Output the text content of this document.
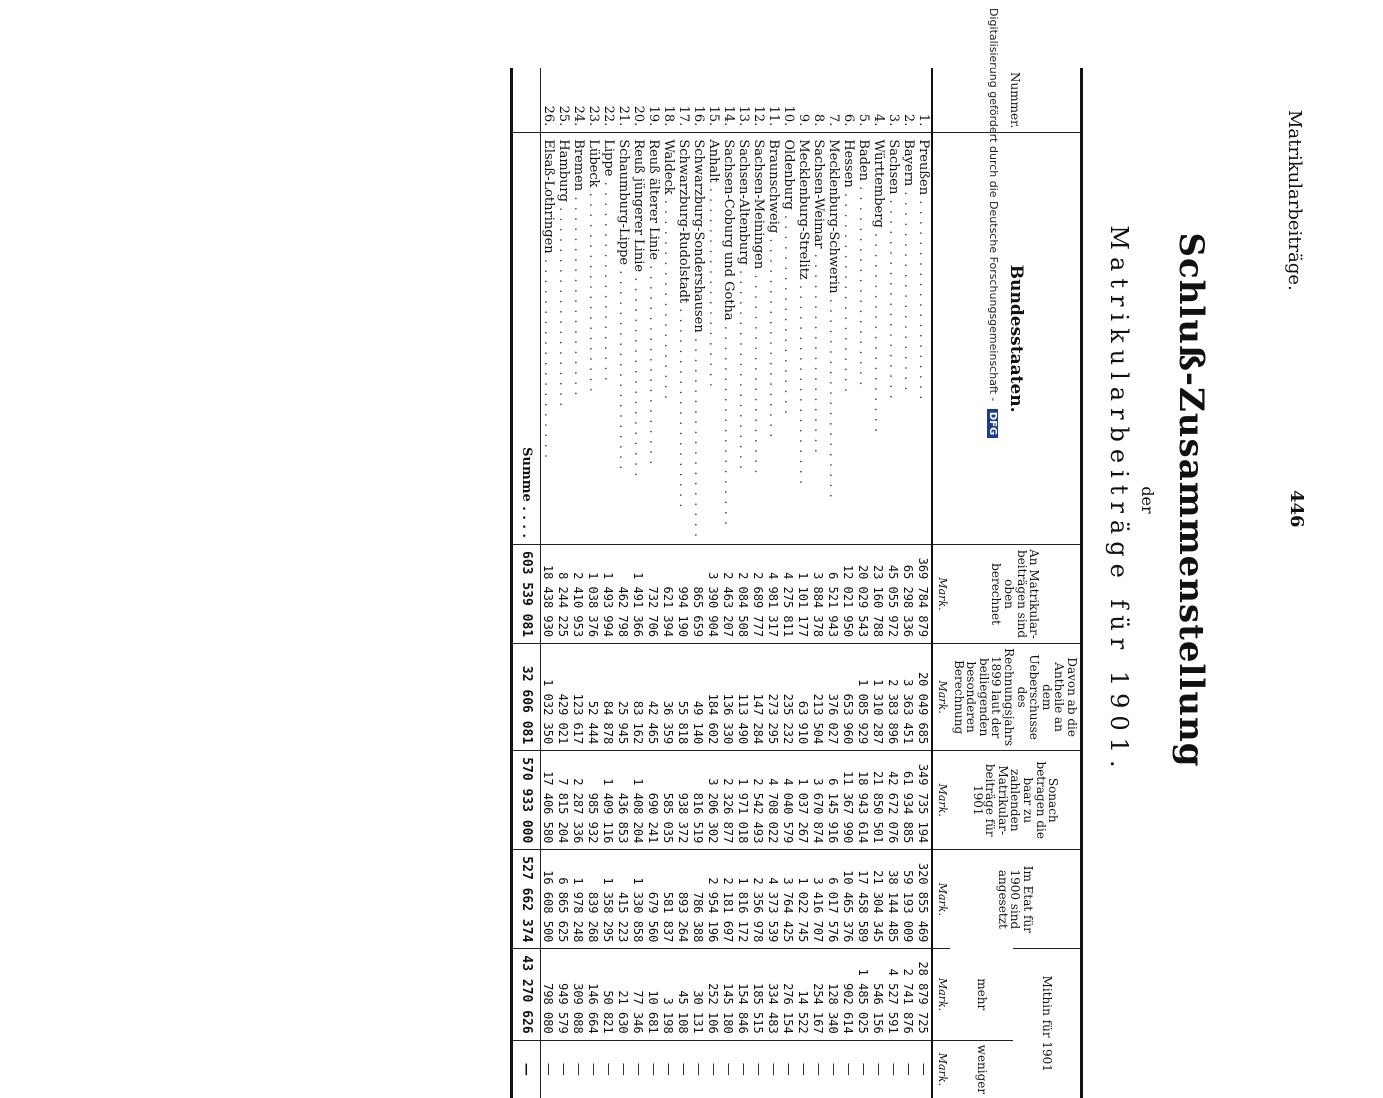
Matrikularbeiträge.
446
Schluß-Zusammenstellung
der
Matrikularbeiträge für 1901.
Nummer.	Bundesstaaten.	An Matrikular-beiträgen sind oben berechnet	Davon ab die Antheile an dem Ueberschusse des Rechnungsjahrs 1899 laut der beiliegenden besonderen Berechnung	Sonach betragen die baar zu zahlenden Matrikular-beiträge für 1901	Im Etat für 1900 sind angesetzt	Mithin für 1901	
						mehr	weniger
		Mark.	Mark.	Mark.	Mark.	Mark.	Mark.
1.	Preußen . . .	369 784 879	20 049 685	349 735 194	320 855 469	28 879 725	—
2.	Bayern . . .	65 298 336	3 363 451	61 934 885	59 193 009	2 741 876	—
3.	Sachsen . . .	45 055 972	2 383 896	42 672 076	38 144 485	4 527 591	—
4.	Württemberg . . .	23 160 788	1 310 287	21 850 501	21 304 345	546 156	—
5.	Baden . . .	20 029 543	1 085 929	18 943 614	17 458 589	1 485 025	—
6.	Hessen . . .	12 021 950	653 960	11 367 990	10 465 376	902 614	—
7.	Mecklenburg-Schwerin . . .	6 521 943	376 027	6 145 916	6 017 576	128 340	—
8.	Sachsen-Weimar . . .	3 884 378	213 504	3 670 874	3 416 707	254 167	—
9.	Mecklenburg-Strelitz . . .	1 101 177	63 910	1 037 267	1 022 745	14 522	—
10.	Oldenburg . . .	4 275 811	235 232	4 040 579	3 764 425	276 154	—
11.	Braunschweig . . .	4 981 317	273 295	4 708 022	4 373 539	334 483	—
12.	Sachsen-Meiningen . . .	2 689 777	147 284	2 542 493	2 356 978	185 515	—
13.	Sachsen-Altenburg . . .	2 084 508	113 490	1 971 018	1 816 172	154 846	—
14.	Sachsen-Coburg und Gotha . . .	2 463 207	136 330	2 326 877	2 181 697	145 180	—
15.	Anhalt . . .	3 390 904	184 602	3 206 302	2 954 196	252 106	—
16.	Schwarzburg-Sondershausen . . .	865 659	49 140	816 519	786 388	30 131	—
17.	Schwarzburg-Rudolstadt . . .	994 190	55 818	938 372	893 264	45 108	—
18.	Waldeck . . .	621 394	36 359	585 035	581 837	3 198	—
19.	Reuß älterer Linie . . .	732 706	42 465	690 241	679 560	10 681	—
20.	Reuß jüngerer Linie . . .	1 491 366	83 162	1 408 204	1 330 858	77 346	—
21.	Schaumburg-Lippe . . .	462 798	25 945	436 853	415 223	21 630	—
22.	Lippe . . .	1 493 994	84 878	1 409 116	1 358 295	50 821	—
23.	Lübeck . . .	1 038 376	52 444	985 932	839 268	146 664	—
24.	Bremen . . .	2 410 953	123 617	2 287 336	1 978 248	309 088	—
25.	Hamburg . . .	8 244 225	429 021	7 815 204	6 865 625	949 579	—
26.	Elsaß-Lothringen . . .	18 438 930	1 032 350	17 406 580	16 608 500	798 080	—
	Summe . . . .	603 539 081	32 606 081	570 933 000	527 662 374	43 270 626	—
Digitalisierung gefördert durch die Deutsche Forschungsgemeinschaft - DFG
